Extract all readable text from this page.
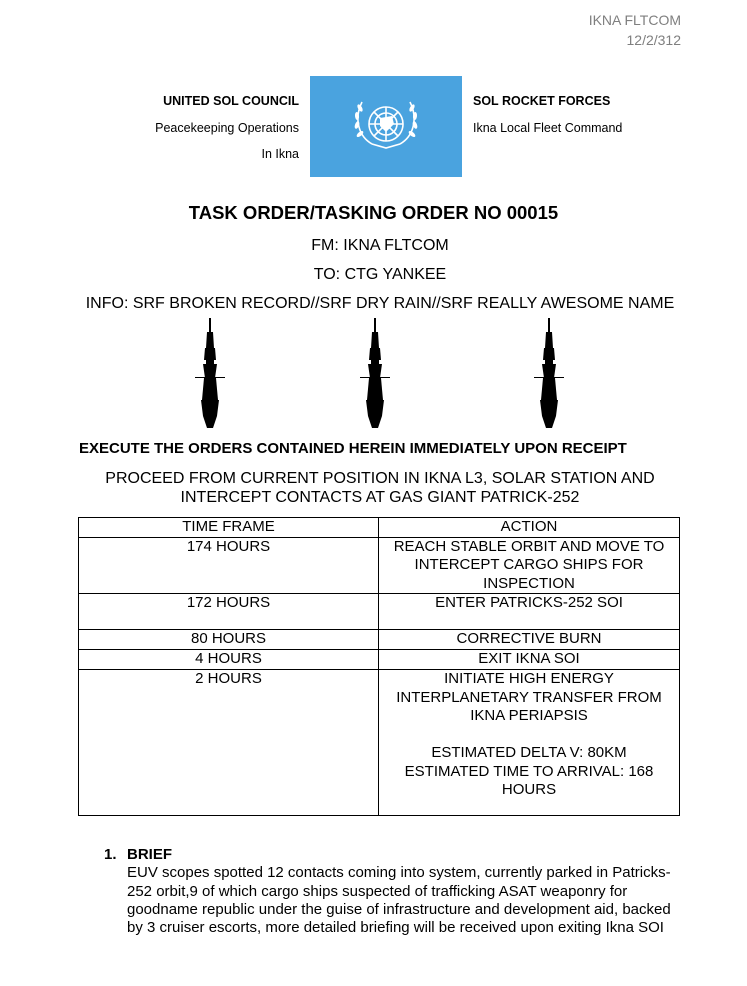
IKNA FLTCOM
12/2/312
UNITED SOL COUNCIL
Peacekeeping Operations
In Ikna
SOL ROCKET FORCES
Ikna Local Fleet Command
TASK ORDER/TASKING ORDER NO 00015
FM: IKNA FLTCOM
TO: CTG YANKEE
INFO: SRF BROKEN RECORD//SRF DRY RAIN//SRF REALLY AWESOME NAME
EXECUTE THE ORDERS CONTAINED HEREIN IMMEDIATELY UPON RECEIPT
PROCEED FROM CURRENT POSITION IN IKNA L3, SOLAR STATION AND
INTERCEPT CONTACTS AT GAS GIANT PATRICK-252
TIME FRAME	ACTION
174 HOURS	REACH STABLE ORBIT AND MOVE TO INTERCEPT CARGO SHIPS FOR INSPECTION
172 HOURS	ENTER PATRICKS-252 SOI
80 HOURS	CORRECTIVE BURN
4 HOURS	EXIT IKNA SOI
2 HOURS	INITIATE HIGH ENERGY INTERPLANETARY TRANSFER FROM IKNA PERIAPSIS

ESTIMATED DELTA V: 80KM
ESTIMATED TIME TO ARRIVAL: 168 HOURS
1. BRIEF
EUV scopes spotted 12 contacts coming into system, currently parked in Patricks-252 orbit,9 of which cargo ships suspected of trafficking ASAT weaponry for goodname republic under the guise of infrastructure and development aid, backed by 3 cruiser escorts, more detailed briefing will be received upon exiting Ikna SOI
